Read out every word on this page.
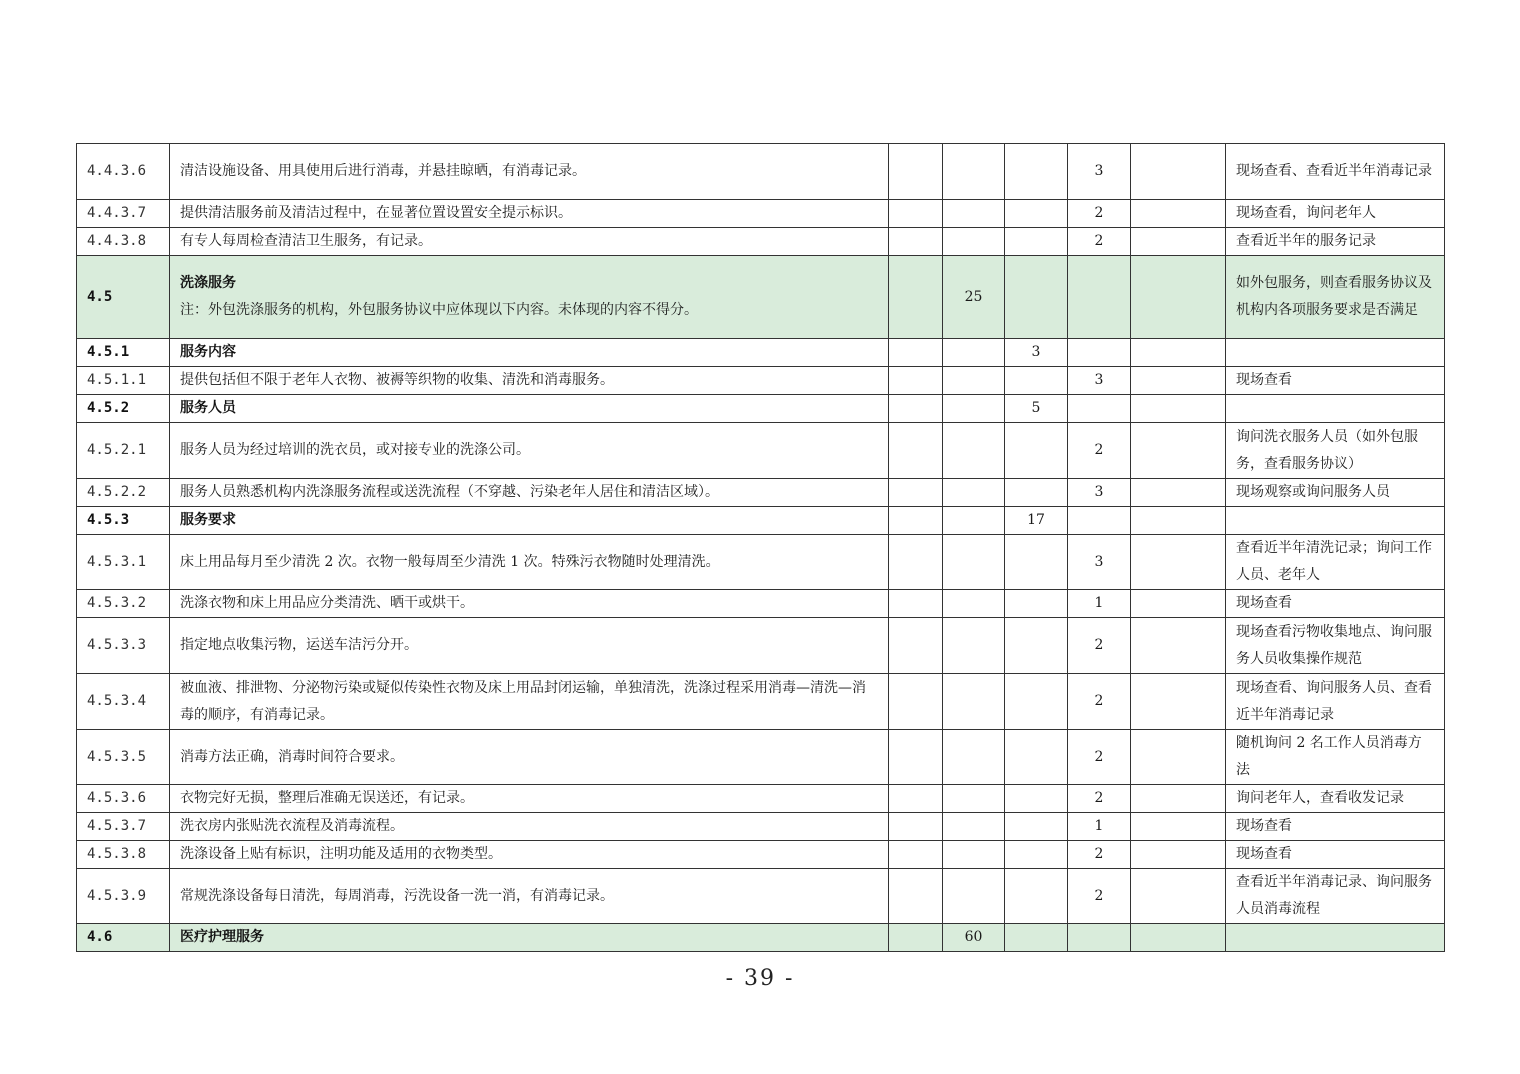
4.4.3.6	清洁设施设备、用具使用后进行消毒，并悬挂晾晒，有消毒记录。				3		现场查看、查看近半年消毒记录
4.4.3.7	提供清洁服务前及清洁过程中，在显著位置设置安全提示标识。				2		现场查看，询问老年人
4.4.3.8	有专人每周检查清洁卫生服务，有记录。				2		查看近半年的服务记录
4.5	洗涤服务
注：外包洗涤服务的机构，外包服务协议中应体现以下内容。未体现的内容不得分。		25				如外包服务，则查看服务协议及机构内各项服务要求是否满足
4.5.1	服务内容			3			
4.5.1.1	提供包括但不限于老年人衣物、被褥等织物的收集、清洗和消毒服务。				3		现场查看
4.5.2	服务人员			5			
4.5.2.1	服务人员为经过培训的洗衣员，或对接专业的洗涤公司。				2		询问洗衣服务人员（如外包服务，查看服务协议）
4.5.2.2	服务人员熟悉机构内洗涤服务流程或送洗流程（不穿越、污染老年人居住和清洁区域）。				3		现场观察或询问服务人员
4.5.3	服务要求			17			
4.5.3.1	床上用品每月至少清洗 2 次。衣物一般每周至少清洗 1 次。特殊污衣物随时处理清洗。				3		查看近半年清洗记录；询问工作人员、老年人
4.5.3.2	洗涤衣物和床上用品应分类清洗、晒干或烘干。				1		现场查看
4.5.3.3	指定地点收集污物，运送车洁污分开。				2		现场查看污物收集地点、询问服务人员收集操作规范
4.5.3.4	被血液、排泄物、分泌物污染或疑似传染性衣物及床上用品封闭运输，单独清洗，洗涤过程采用消毒—清洗—消毒的顺序，有消毒记录。				2		现场查看、询问服务人员、查看近半年消毒记录
4.5.3.5	消毒方法正确，消毒时间符合要求。				2		随机询问 2 名工作人员消毒方法
4.5.3.6	衣物完好无损，整理后准确无误送还，有记录。				2		询问老年人，查看收发记录
4.5.3.7	洗衣房内张贴洗衣流程及消毒流程。				1		现场查看
4.5.3.8	洗涤设备上贴有标识，注明功能及适用的衣物类型。				2		现场查看
4.5.3.9	常规洗涤设备每日清洗，每周消毒，污洗设备一洗一消，有消毒记录。				2		查看近半年消毒记录、询问服务人员消毒流程
4.6	医疗护理服务		60				
- 39 -
